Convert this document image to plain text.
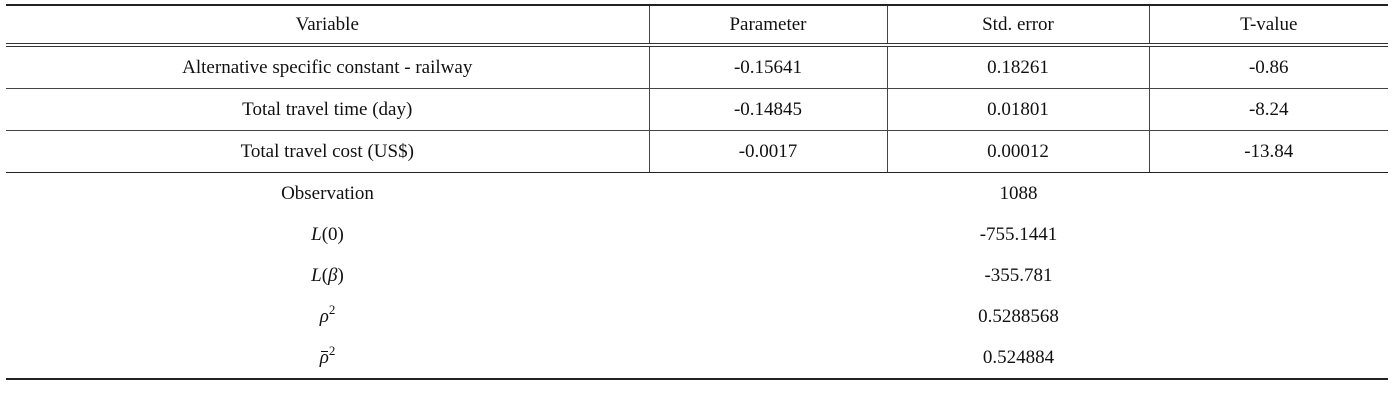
Variable	Parameter	Std. error	T-value
Alternative specific constant - railway	-0.15641	0.18261	-0.86
Total travel time (day)	-0.14845	0.01801	-8.24
Total travel cost (US$)	-0.0017	0.00012	-13.84
Observation	1088		
L(0)	-755.1441		
L(β)	-355.781		
$\rho^2$	0.5288568		
$\rho^2$	0.524884		
